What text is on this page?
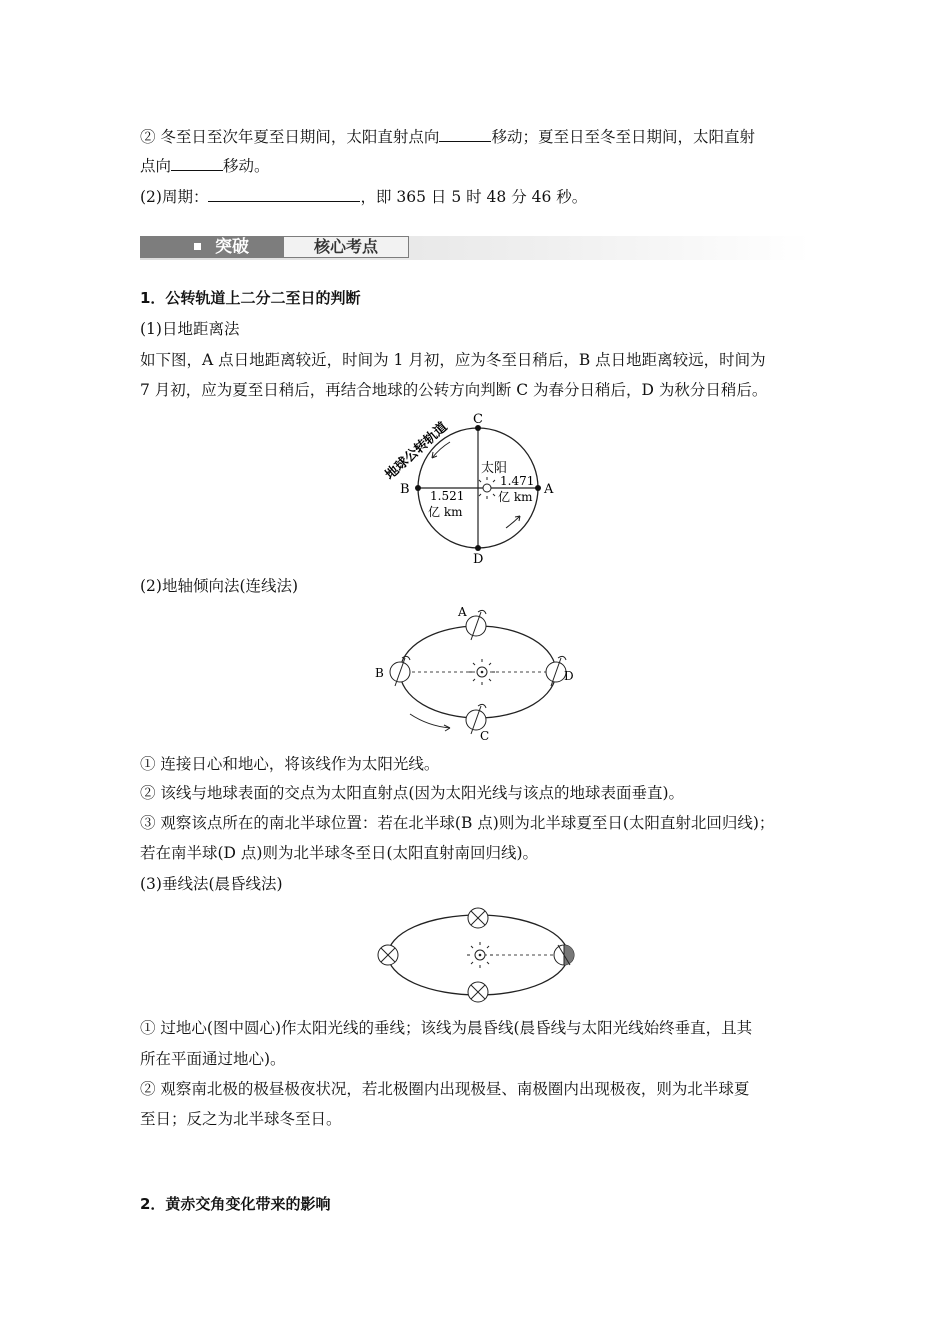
② 冬至日至次年夏至日期间，太阳直射点向	移动；夏至日至冬至日期间，太阳直射
点向	移动。
(2)周期：	，即 365 日 5 时 48 分 46 秒。
突破	核心考点
1．公转轨道上二分二至日的判断
(1)日地距离法
如下图，A 点日地距离较近，时间为 1 月初，应为冬至日稍后，B 点日地距离较远，时间为
7 月初，应为夏至日稍后，再结合地球的公转方向判断 C 为春分日稍后，D 为秋分日稍后。
地球公转轨道
C
D
B	A
太阳
1.471
亿 km
1.521
亿 km
(2)地轴倾向法(连线法)
A
B
C
D
① 连接日心和地心，将该线作为太阳光线。
② 该线与地球表面的交点为太阳直射点(因为太阳光线与该点的地球表面垂直)。
③ 观察该点所在的南北半球位置：若在北半球(B 点)则为北半球夏至日(太阳直射北回归线)；
若在南半球(D 点)则为北半球冬至日(太阳直射南回归线)。
(3)垂线法(晨昏线法)
① 过地心(图中圆心)作太阳光线的垂线；该线为晨昏线(晨昏线与太阳光线始终垂直，且其
所在平面通过地心)。
② 观察南北极的极昼极夜状况，若北极圈内出现极昼、南极圈内出现极夜，则为北半球夏
至日；反之为北半球冬至日。
2．黄赤交角变化带来的影响
